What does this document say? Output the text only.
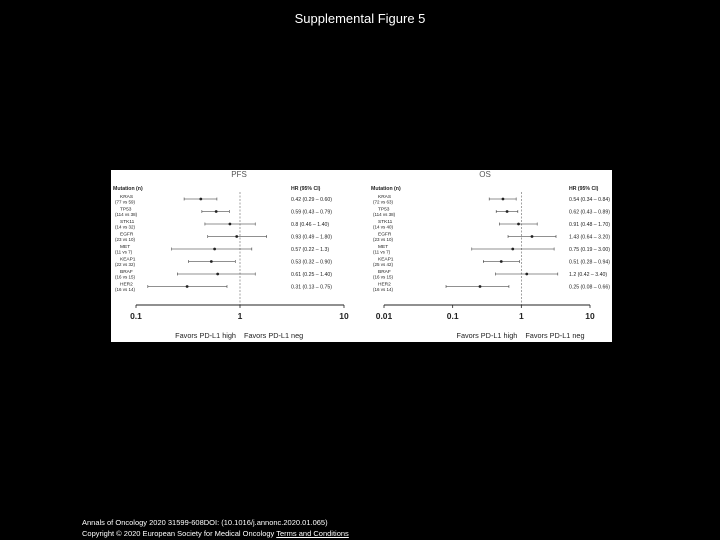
Supplemental Figure 5
PFS
Mutation (n)	HR (95% CI)
KRAS
(77 vs 59)	0.42 (0.29 – 0.60)
TP53
(114 vs 38)	0.59 (0.43 – 0.79)
STK11
(14 vs 32)	0.8 (0.46 – 1.40)
EGFR
(23 vs 10)	0.93 (0.49 – 1.80)
MET
(11 vs 7)	0.57 (0.22 – 1.3)
KEAP1
(22 vs 32)	0.53 (0.32 – 0.90)
BRAF
(16 vs 15)	0.61 (0.25 – 1.40)
HER2
(16 vs 14)	0.31 (0.13 – 0.75)
0.1	1	10
Favors PD-L1 high Favors PD-L1 neg
OS
Mutation (n)	HR (95% CI)
KRAS
(72 vs 63)	0.54 (0.34 – 0.84)
TP53
(114 vs 38)	0.62 (0.43 – 0.89)
STK11
(14 vs 40)	0.91 (0.48 – 1.70)
EGFR
(23 vs 10)	1.43 (0.64 – 3.20)
MET
(11 vs 7)	0.75 (0.19 – 3.00)
KEAP1
(25 vs 42)	0.51 (0.28 – 0.94)
BRAF
(16 vs 15)	1.2 (0.42 – 3.40)
HER2
(16 vs 14)	0.25 (0.08 – 0.66)
0.01	0.1	1	10
Favors PD-L1 high Favors PD-L1 neg
Annals of Oncology 2020 31599-608DOI: (10.1016/j.annonc.2020.01.065)
Copyright © 2020 European Society for Medical Oncology Terms and Conditions
